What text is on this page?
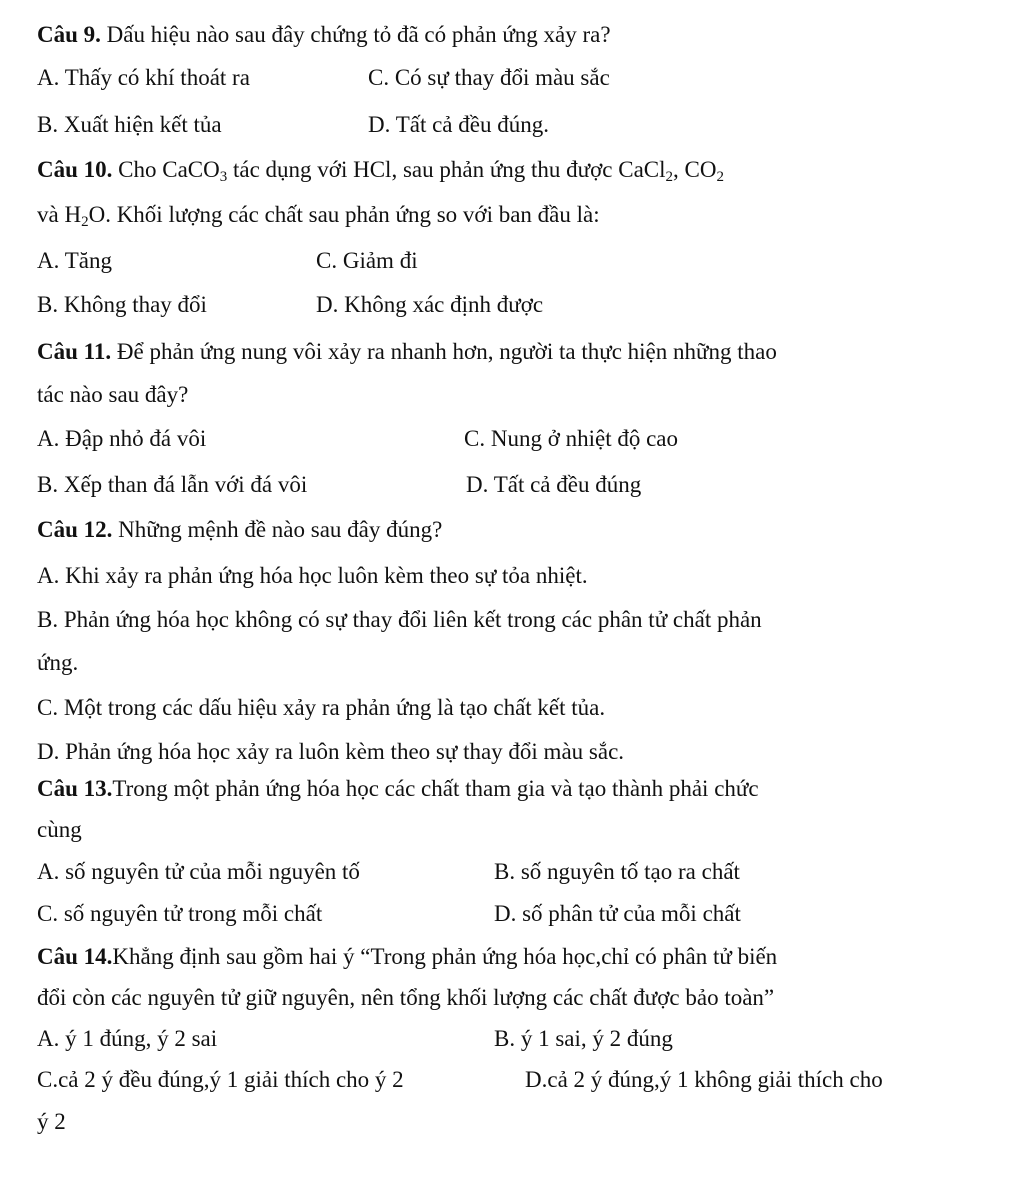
Câu 9. Dấu hiệu nào sau đây chứng tỏ đã có phản ứng xảy ra?
A. Thấy có khí thoát ra	C. Có sự thay đổi màu sắc
B. Xuất hiện kết tủa	D. Tất cả đều đúng.
Câu 10. Cho CaCO$_3$ tác dụng với HCl, sau phản ứng thu được CaCl$_2$, $CO_2$
và $H_2O$. Khối lượng các chất sau phản ứng so với ban đầu là:
A. Tăng	C. Giảm đi
B. Không thay đổi	D. Không xác định được
Câu 11. Để phản ứng nung vôi xảy ra nhanh hơn, người ta thực hiện những thao
tác nào sau đây?
A. Đập nhỏ đá vôi	C. Nung ở nhiệt độ cao
B. Xếp than đá lẫn với đá vôi	D. Tất cả đều đúng
Câu 12. Những mệnh đề nào sau đây đúng?
A. Khi xảy ra phản ứng hóa học luôn kèm theo sự tỏa nhiệt.
B. Phản ứng hóa học không có sự thay đổi liên kết trong các phân tử chất phản
ứng.
C. Một trong các dấu hiệu xảy ra phản ứng là tạo chất kết tủa.
D. Phản ứng hóa học xảy ra luôn kèm theo sự thay đổi màu sắc.
Câu 13.Trong một phản ứng hóa học các chất tham gia và tạo thành phải chức
cùng
A. số nguyên tử của mỗi nguyên tố	B. số nguyên tố tạo ra chất
C. số nguyên tử trong mỗi chất	D. số phân tử của mỗi chất
Câu 14.Khẳng định sau gồm hai ý “Trong phản ứng hóa học,chỉ có phân tử biến
đổi còn các nguyên tử giữ nguyên, nên tổng khối lượng các chất được bảo toàn”
A. ý 1 đúng, ý 2 sai	B. ý 1 sai, ý 2 đúng
C.cả 2 ý đều đúng,ý 1 giải thích cho ý 2	D.cả 2 ý đúng,ý 1 không giải thích cho
ý 2
